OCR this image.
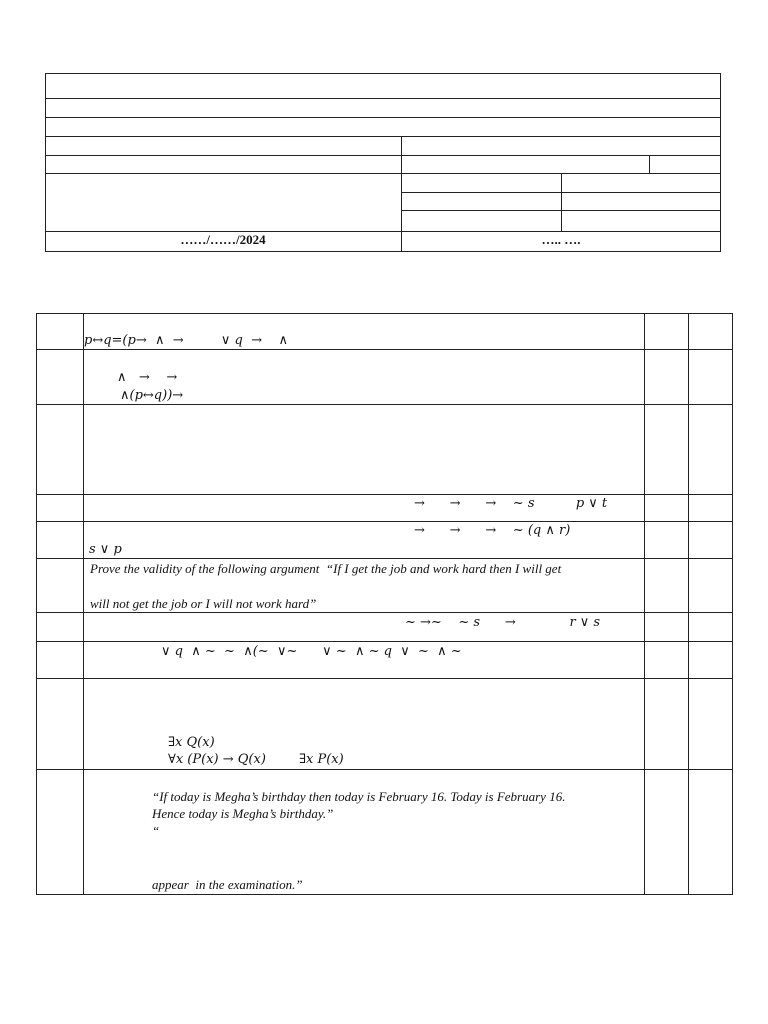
……/……/2024	….. ….
p↔q=(p→  ∧  →         ∨ q  →    ∧
∧   →    →
∧(p↔q))→
→      →      →    ~ s          p ∨ t
→      →      →    ~ (q ∧ r)
s ∨ p
Prove the validity of the following argument  “If I get the job and work hard then I will get
will not get the job or I will not work hard”
~ →~    ~ s      →             r ∨ s
∨ q  ∧ ~  ~  ∧(~  ∨~      ∨ ~  ∧ ~ q  ∨  ~  ∧ ~
∃x Q(x)
∀x (P(x) → Q(x)        ∃x P(x)
“If today is Megha’s birthday then today is February 16. Today is February 16.
Hence today is Megha’s birthday.”
“
appear  in the examination.”
